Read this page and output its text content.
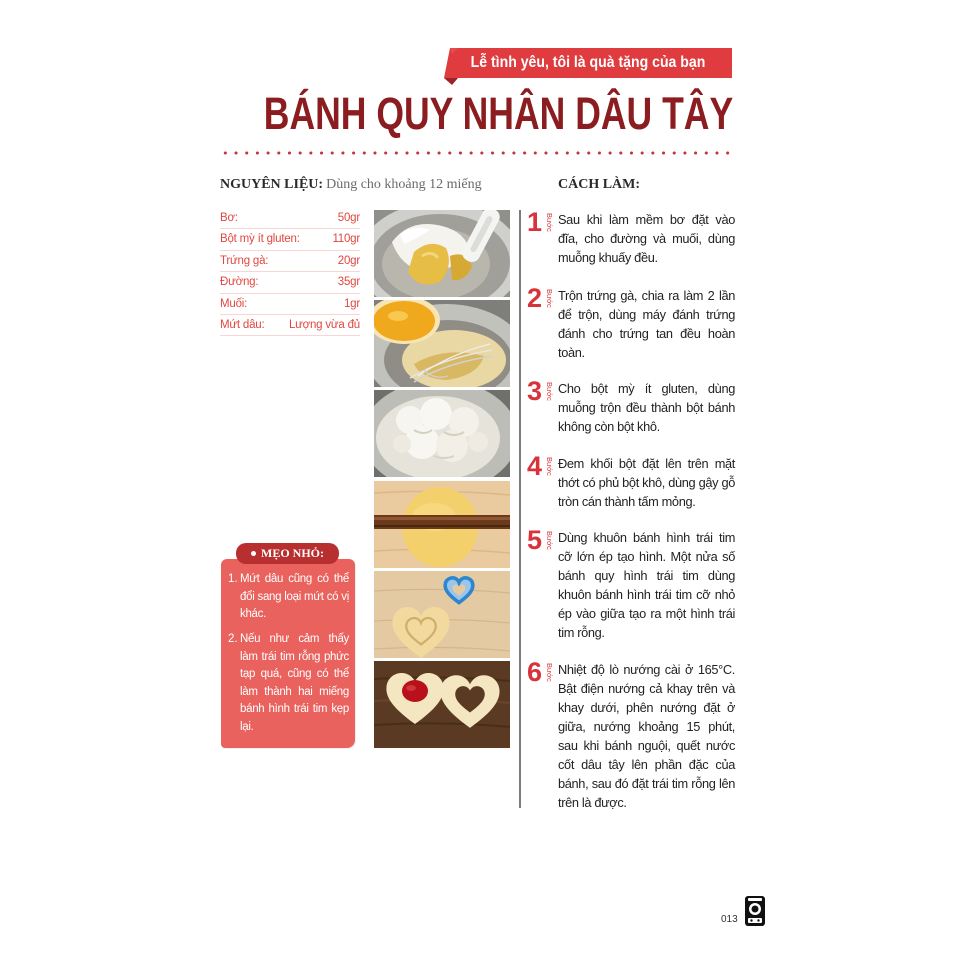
Lễ tình yêu, tôi là quà tặng của bạn
BÁNH QUY NHÂN DÂU TÂY
NGUYÊN LIỆU: Dùng cho khoảng 12 miếng	CÁCH LÀM:
Bơ:	50gr
Bột mỳ ít gluten:	110gr
Trứng gà:	20gr
Đường:	35gr
Muối:	1gr
Mứt dâu: Lượng vừa đủ
1 Bước Sau khi làm mềm bơ đặt vào đĩa, cho đường và muối, dùng muỗng khuấy đều.
2 Bước Trộn trứng gà, chia ra làm 2 lần để trộn, dùng máy đánh trứng đánh cho trứng tan đều hoàn toàn.
3 Bước Cho bột mỳ ít gluten, dùng muỗng trộn đều thành bột bánh không còn bột khô.
4 Bước Đem khối bột đặt lên trên mặt thớt có phủ bột khô, dùng gậy gỗ tròn cán thành tấm mỏng.
5 Bước Dùng khuôn bánh hình trái tim cỡ lớn ép tạo hình. Một nửa số bánh quy hình trái tim dùng khuôn bánh hình trái tim cỡ nhỏ ép vào giữa tạo ra một hình trái tim rỗng.
6 Bước Nhiệt độ lò nướng cài ở 165°C. Bật điện nướng cả khay trên và khay dưới, phên nướng đặt ở giữa, nướng khoảng 15 phút, sau khi bánh nguội, quết nước cốt dâu tây lên phần đặc của bánh, sau đó đặt trái tim rỗng lên trên là được.
MẸO NHỎ:
1. Mứt dâu cũng có thể đổi sang loại mứt có vị khác.
2. Nếu như cảm thấy làm trái tim rỗng phức tạp quá, cũng có thể làm thành hai miếng bánh hình trái tim kẹp lại.
013
